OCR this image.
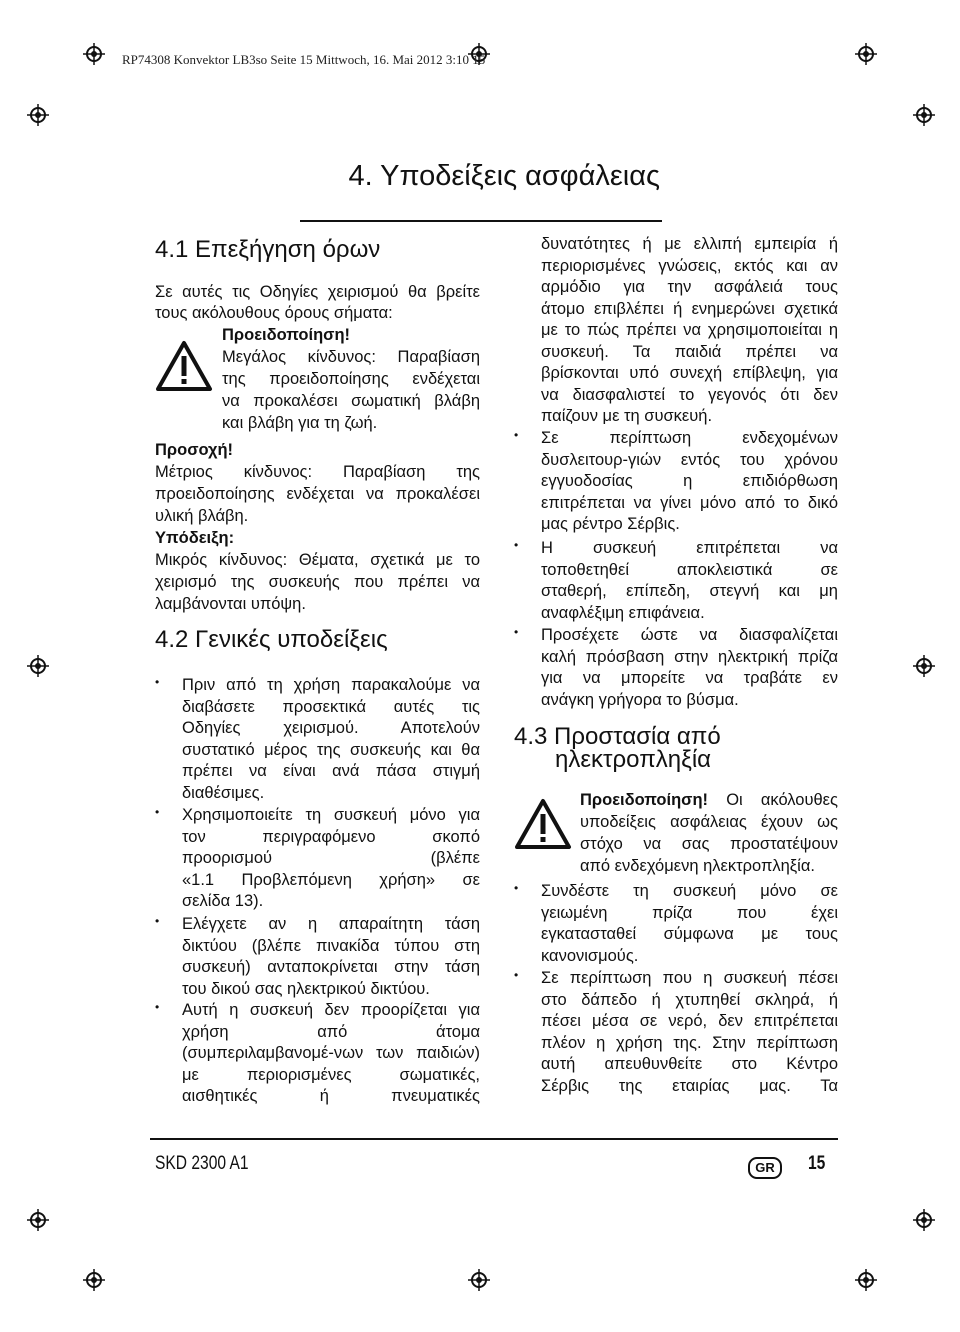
RP74308 Konvektor LB3so Seite 15 Mittwoch, 16. Mai 2012 3:10 15
4. Υποδείξεις ασφάλειας
4.1 Επεξήγηση όρων
Σε αυτές τις Οδηγίες χειρισμού θα βρείτε
τους ακόλουθους όρους σήματα:
Προειδοποίηση!
Μεγάλος κίνδυνος: Παραβίαση
της προειδοποίησης ενδέχεται
να προκαλέσει σωματική βλάβη
και βλάβη για τη ζωή.
Προσοχή!
Μέτριος κίνδυνος: Παραβίαση της
προειδοποίησης ενδέχεται να προκαλέσει
υλική βλάβη.
Υπόδειξη:
Μικρός κίνδυνος: Θέματα, σχετικά με το
χειρισμό της συσκευής που πρέπει να
λαμβάνονται υπόψη.
4.2 Γενικές υποδείξεις
• Πριν από τη χρήση παρακαλούμε να
διαβάσετε προσεκτικά αυτές τις
Οδηγίες χειρισμού. Αποτελούν
συστατικό μέρος της συσκευής και θα
πρέπει να είναι ανά πάσα στιγμή
διαθέσιμες.
• Χρησιμοποιείτε τη συσκευή μόνο για
τον περιγραφόμενο σκοπό
προορισμού (βλέπε
«1.1 Προβλεπόμενη χρήση» σε
σελίδα 13).
• Ελέγχετε αν η απαραίτητη τάση
δικτύου (βλέπε πινακίδα τύπου στη
συσκευή) ανταποκρίνεται στην τάση
του δικού σας ηλεκτρικού δικτύου.
• Αυτή η συσκευή δεν προορίζεται για
χρήση από άτομα
(συμπεριλαμβανομέ-νων των παιδιών)
με περιορισμένες σωματικές,
αισθητικές ή πνευματικές
δυνατότητες ή με ελλιπή εμπειρία ή
περιορισμένες γνώσεις, εκτός και αν
αρμόδιο για την ασφάλειά τους
άτομο επιβλέπει ή ενημερώνει σχετικά
με το πώς πρέπει να χρησιμοποιείται η
συσκευή. Τα παιδιά πρέπει να
βρίσκονται υπό συνεχή επίβλεψη, για
να διασφαλιστεί το γεγονός ότι δεν
παίζουν με τη συσκευή.
• Σε περίπτωση ενδεχομένων
δυσλειτουρ-γιών εντός του χρόνου
εγγυοδοσίας η επιδιόρθωση
επιτρέπεται να γίνει μόνο από το δικό
μας ρέντρο Σέρβις.
• Η συσκευή επιτρέπεται να
τοποθετηθεί αποκλειστικά σε
σταθερή, επίπεδη, στεγνή και μη
αναφλέξιμη επιφάνεια.
• Προσέχετε ώστε να διασφαλίζεται
καλή πρόσβαση στην ηλεκτρική πρίζα
για να μπορείτε να τραβάτε εν
ανάγκη γρήγορα το βύσμα.
4.3 Προστασία από
ηλεκτροπληξία
Προειδοποίηση! Οι ακόλουθες
υποδείξεις ασφάλειας έχουν ως
στόχο να σας προστατέψουν
από ενδεχόμενη ηλεκτροπληξία.
• Συνδέστε τη συσκευή μόνο σε
γειωμένη πρίζα που έχει
εγκατασταθεί σύμφωνα με τους
κανονισμούς.
• Σε περίπτωση που η συσκευή πέσει
στο δάπεδο ή χτυπηθεί σκληρά, ή
πέσει μέσα σε νερό, δεν επιτρέπεται
πλέον η χρήση της. Στην περίπτωση
αυτή απευθυνθείτε στο Κέντρο
Σέρβις της εταιρίας μας. Τα
SKD 2300 A1	GR	15
